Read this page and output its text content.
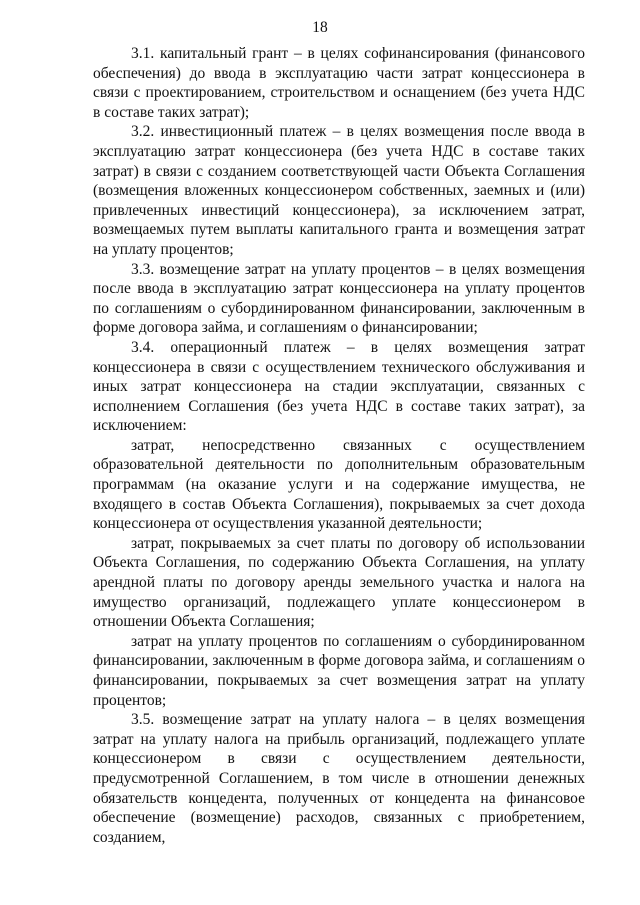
18

3.1. капитальный грант – в целях софинансирования (финансового обеспечения) до ввода в эксплуатацию части затрат концессионера в связи с проектированием, строительством и оснащением (без учета НДС в составе таких затрат);

3.2. инвестиционный платеж – в целях возмещения после ввода в эксплуатацию затрат концессионера (без учета НДС в составе таких затрат) в связи с созданием соответствующей части Объекта Соглашения (возмещения вложенных концессионером собственных, заемных и (или) привлеченных инвестиций концессионера), за исключением затрат, возмещаемых путем выплаты капитального гранта и возмещения затрат на уплату процентов;

3.3. возмещение затрат на уплату процентов – в целях возмещения после ввода в эксплуатацию затрат концессионера на уплату процентов по соглашениям о субординированном финансировании, заключенным в форме договора займа, и соглашениям о финансировании;

3.4. операционный платеж – в целях возмещения затрат концессионера в связи с осуществлением технического обслуживания и иных затрат концессионера на стадии эксплуатации, связанных с исполнением Соглашения (без учета НДС в составе таких затрат), за исключением:

затрат, непосредственно связанных с осуществлением образовательной деятельности по дополнительным образовательным программам (на оказание услуги и на содержание имущества, не входящего в состав Объекта Соглашения), покрываемых за счет дохода концессионера от осуществления указанной деятельности;

затрат, покрываемых за счет платы по договору об использовании Объекта Соглашения, по содержанию Объекта Соглашения, на уплату арендной платы по договору аренды земельного участка и налога на имущество организаций, подлежащего уплате концессионером в отношении Объекта Соглашения;

затрат на уплату процентов по соглашениям о субординированном финансировании, заключенным в форме договора займа, и соглашениям о финансировании, покрываемых за счет возмещения затрат на уплату процентов;

3.5. возмещение затрат на уплату налога – в целях возмещения затрат на уплату налога на прибыль организаций, подлежащего уплате концессионером в связи с осуществлением деятельности, предусмотренной Соглашением, в том числе в отношении денежных обязательств концедента, полученных от концедента на финансовое обеспечение (возмещение) расходов, связанных с приобретением, созданием,
